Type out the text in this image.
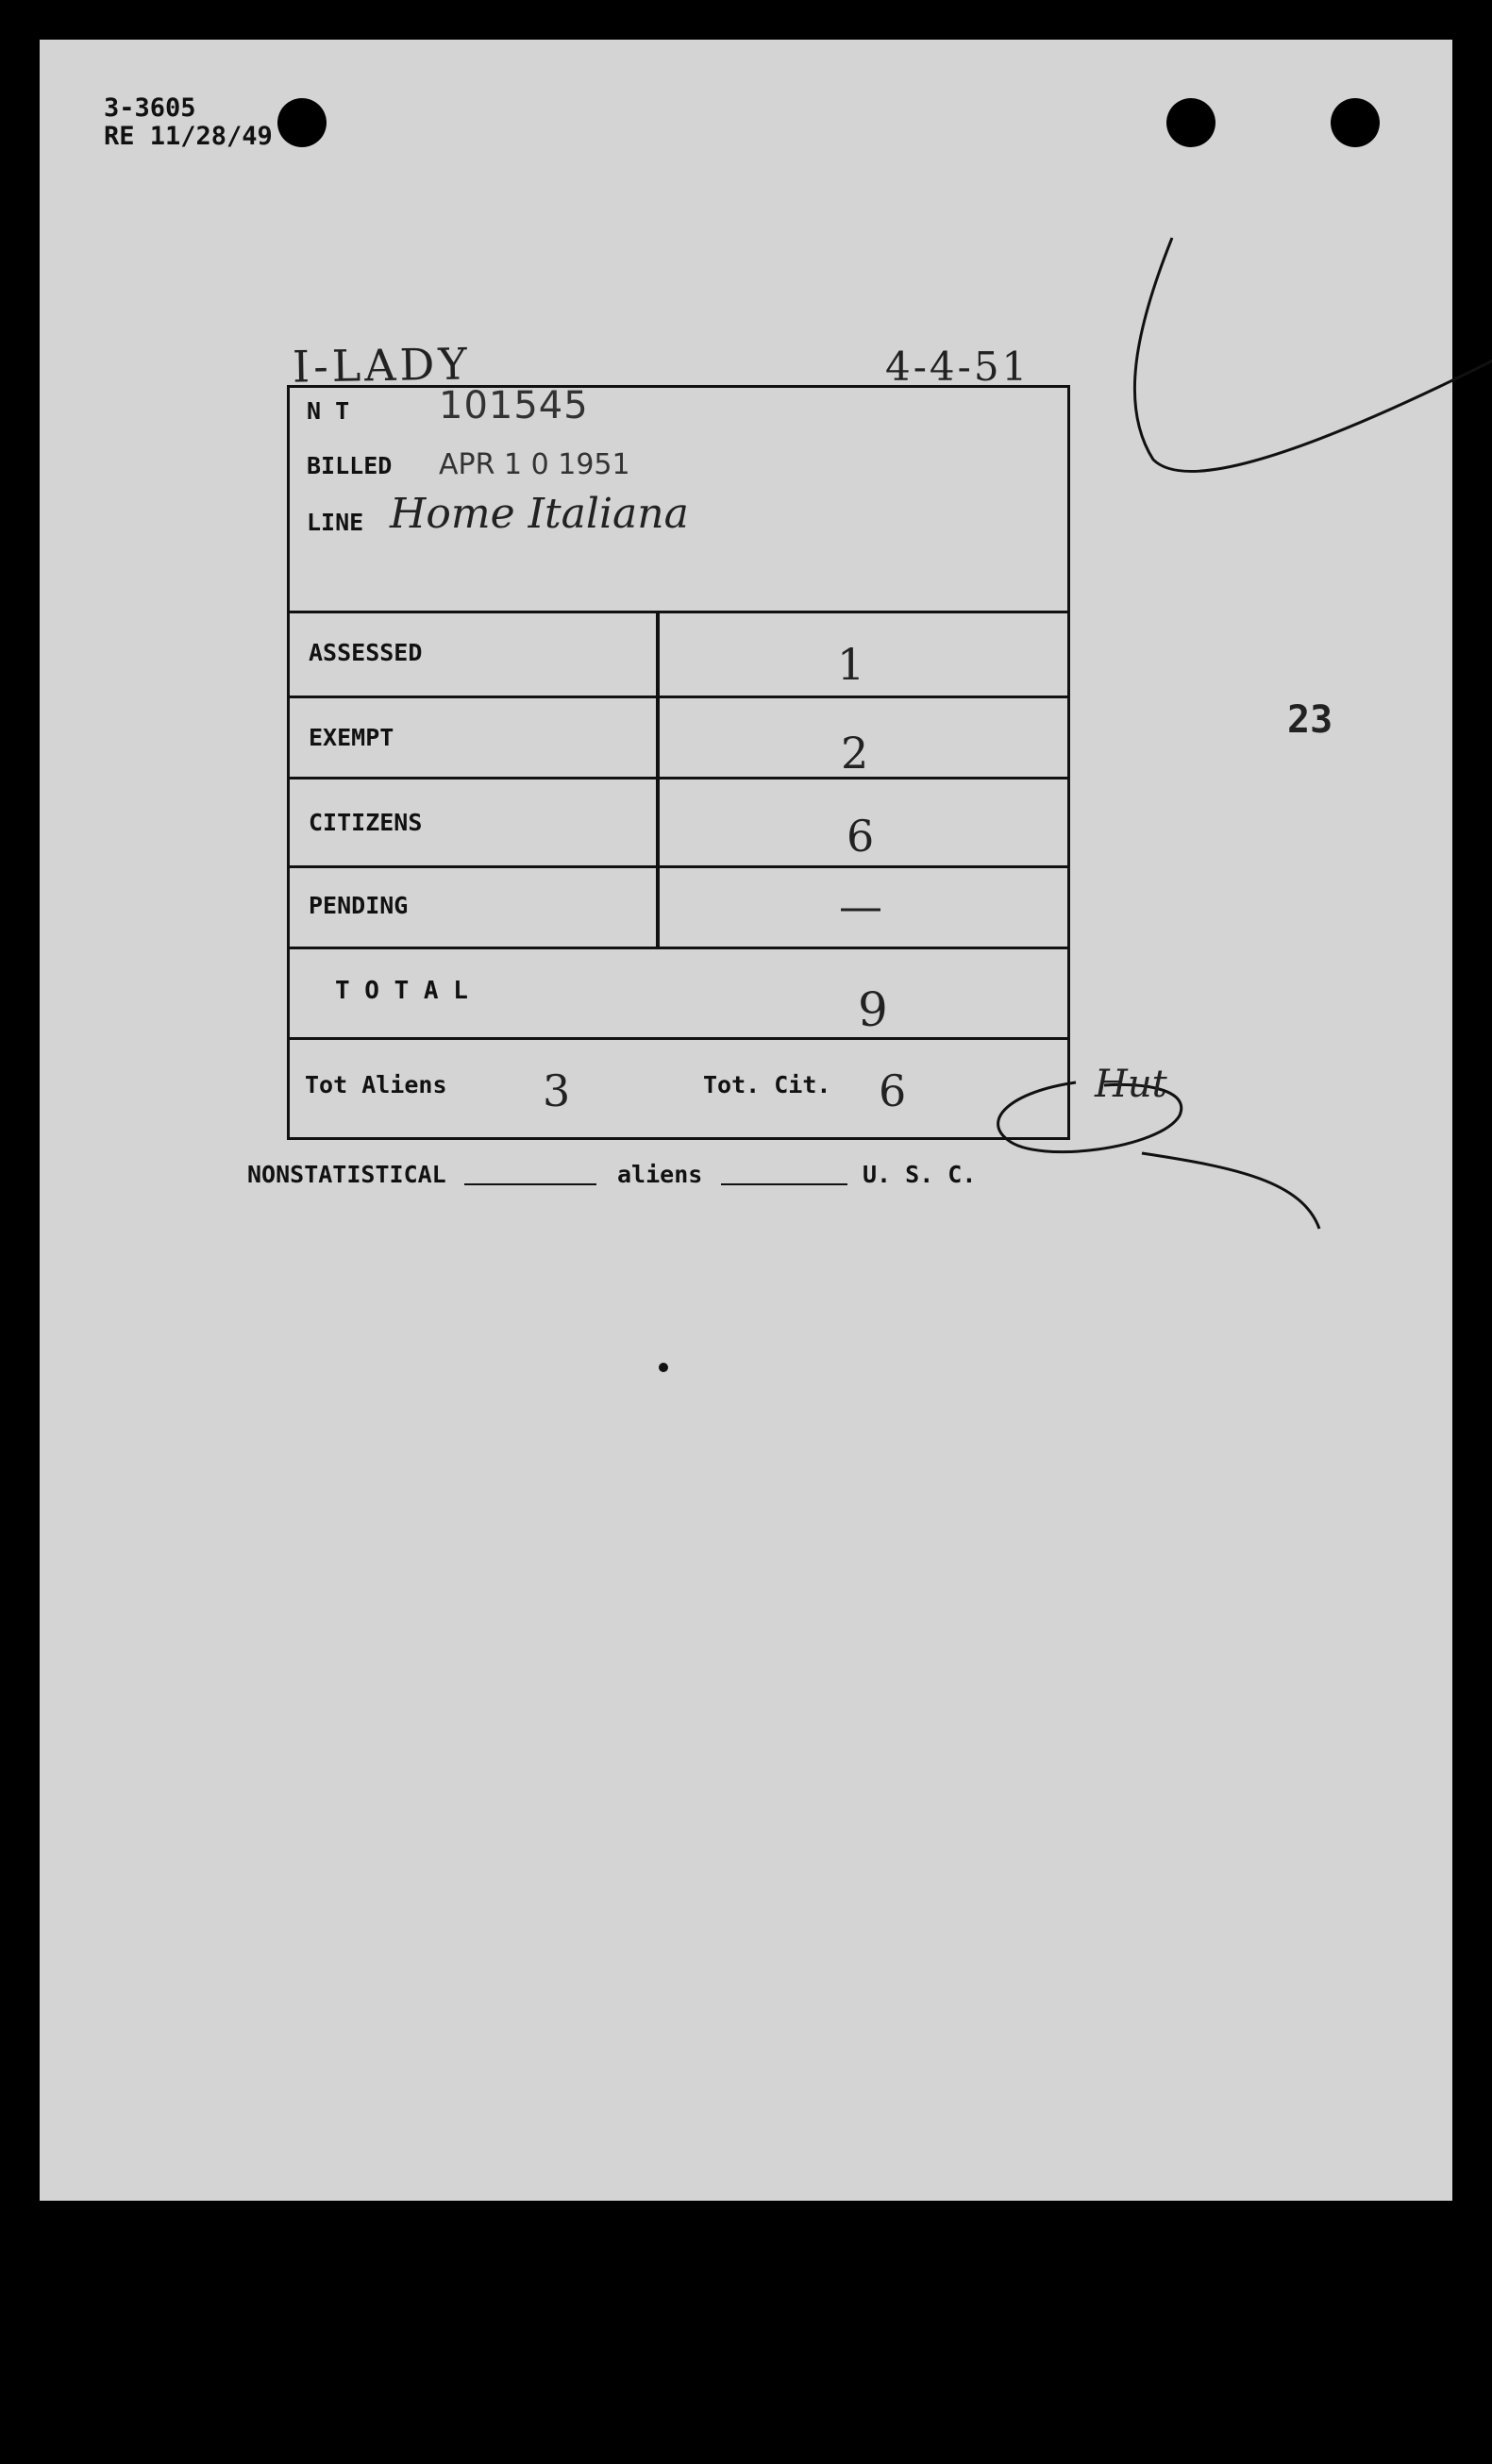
3-3605
RE 11/28/49
I-LADY	4-4-51
23
N T 101545
BILLED APR 1 0 1951
LINE Home Italiana
ASSESSED	1
EXEMPT	2
CITIZENS	6
PENDING	—
T O T A L	9
Tot Aliens 3	Tot. Cit. 6	Hut
NONSTATISTICAL	aliens	U. S. C.
